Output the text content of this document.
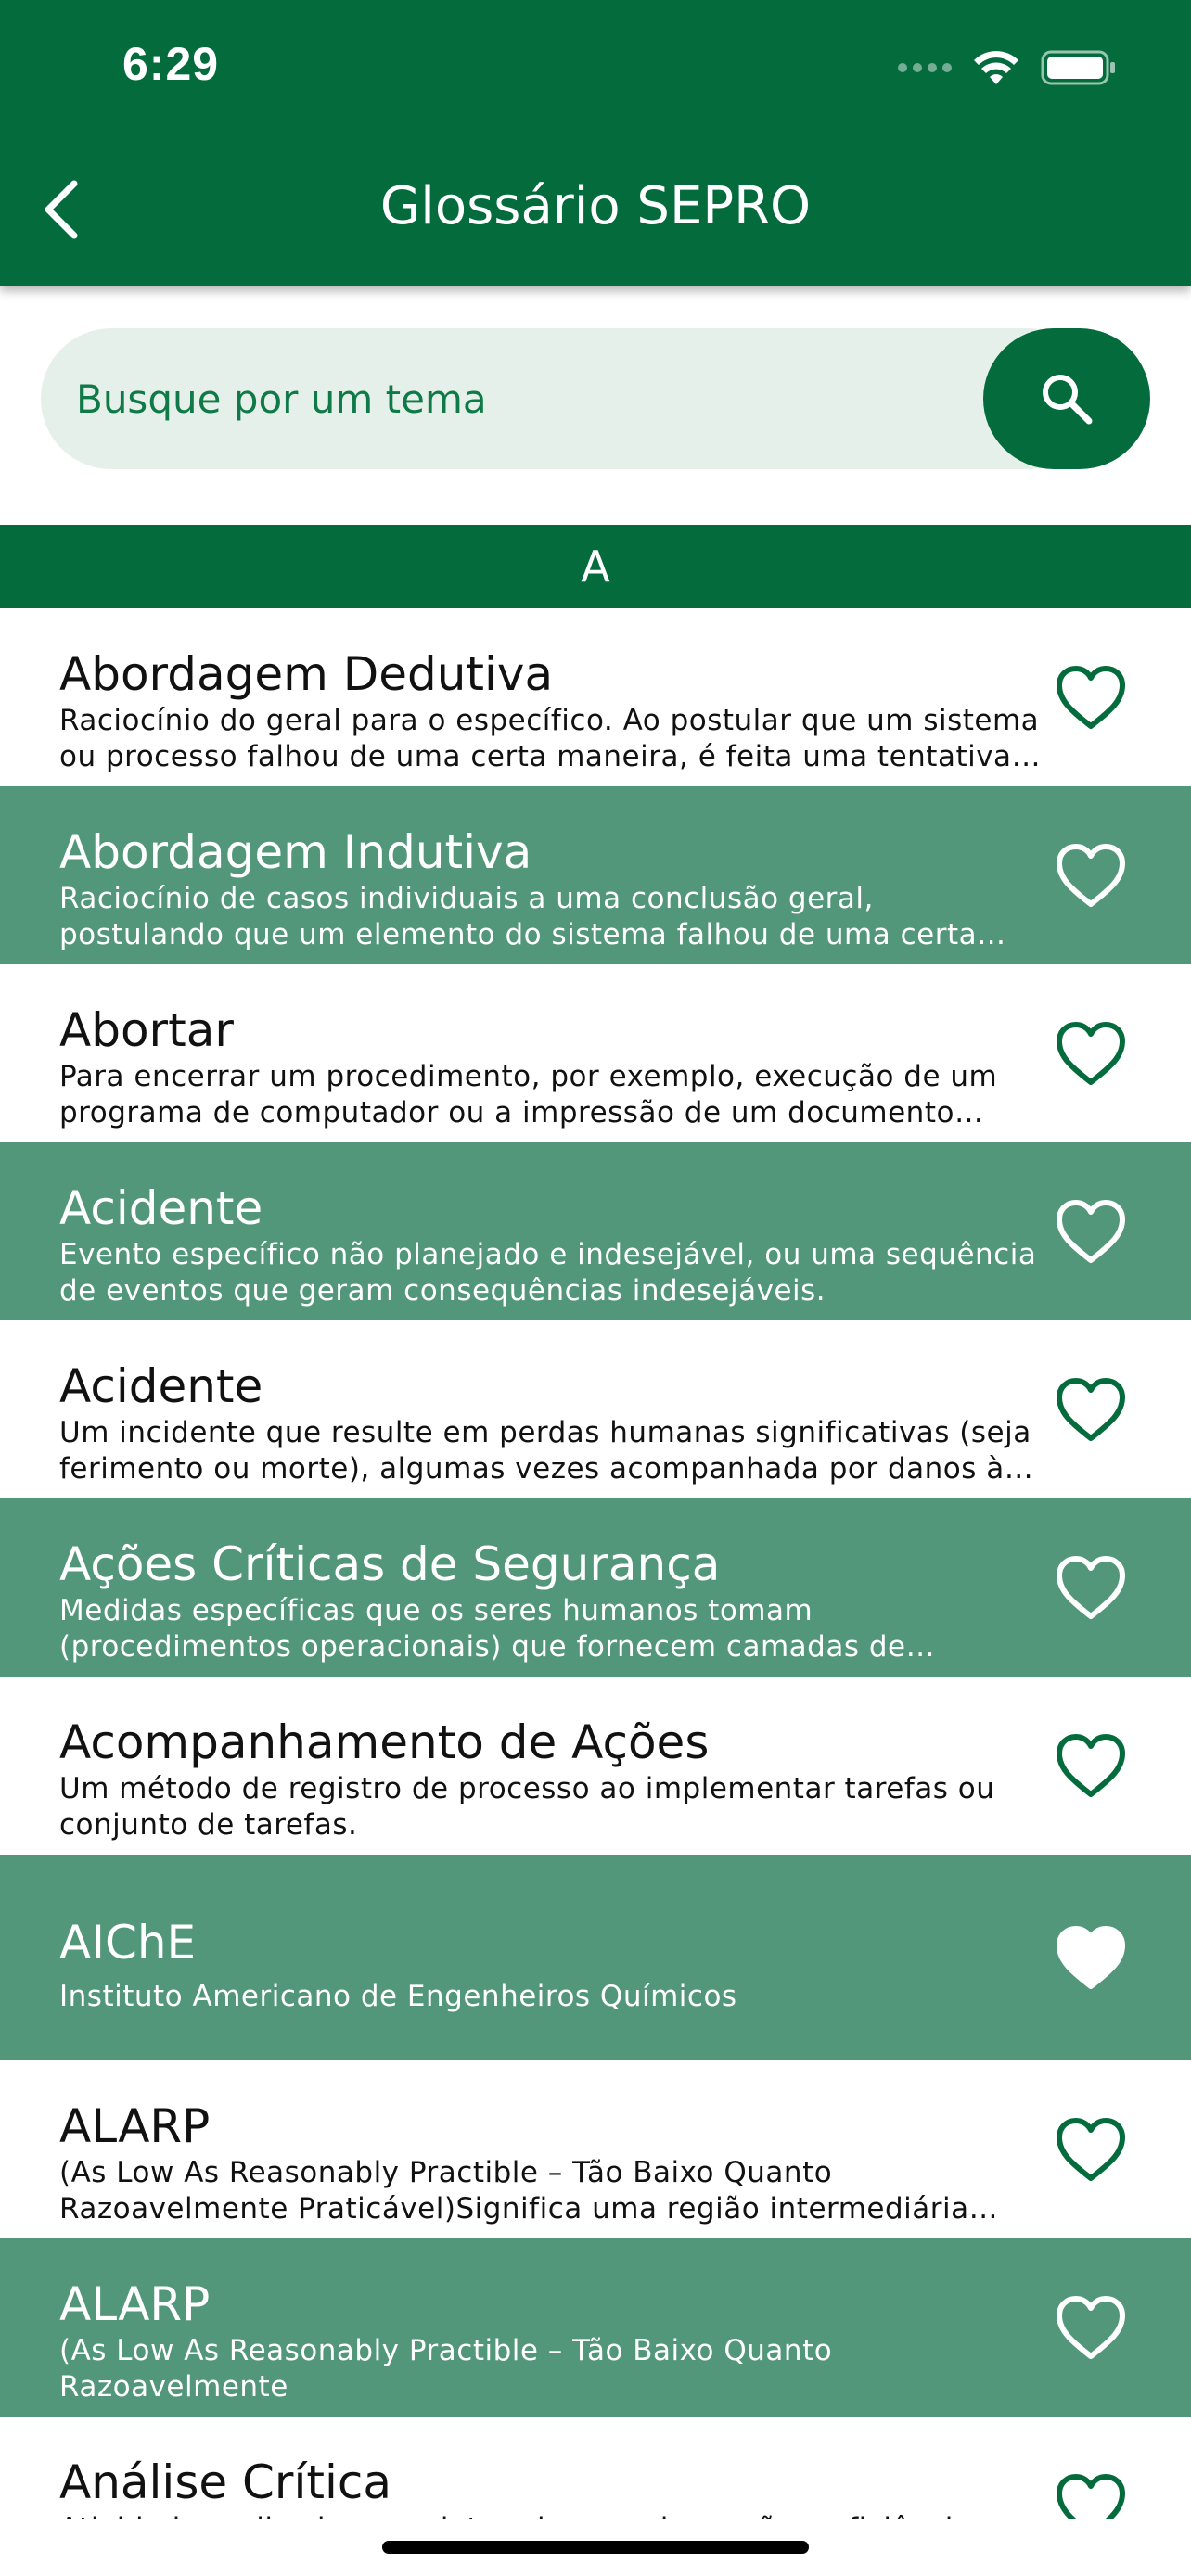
6:29
Glossário SEPRO
Busque por um tema
A
Abordagem Dedutiva
Raciocínio do geral para o específico. Ao postular que um sistema ou processo falhou de uma certa maneira, é feita uma tentativa
Abordagem Indutiva
Raciocínio de casos individuais a uma conclusão geral, postulando que um elemento do sistema falhou de uma certa
Abortar
Para encerrar um procedimento, por exemplo, execução de um programa de computador ou a impressão de um documento
Acidente
Evento específico não planejado e indesejável, ou uma sequência de eventos que geram consequências indesejáveis.
Acidente
Um incidente que resulte em perdas humanas significativas (seja ferimento ou morte), algumas vezes acompanhada por danos à
Ações Críticas de Segurança
Medidas específicas que os seres humanos tomam (procedimentos operacionais) que fornecem camadas de
Acompanhamento de Ações
Um método de registro de processo ao implementar tarefas ou conjunto de tarefas.
AIChE
Instituto Americano de Engenheiros Químicos
ALARP
(As Low As Reasonably Practible – Tão Baixo Quanto Razoavelmente Praticável)Significa uma região intermediária
ALARP
(As Low As Reasonably Practible – Tão Baixo Quanto Razoavelmente
Análise Crítica
